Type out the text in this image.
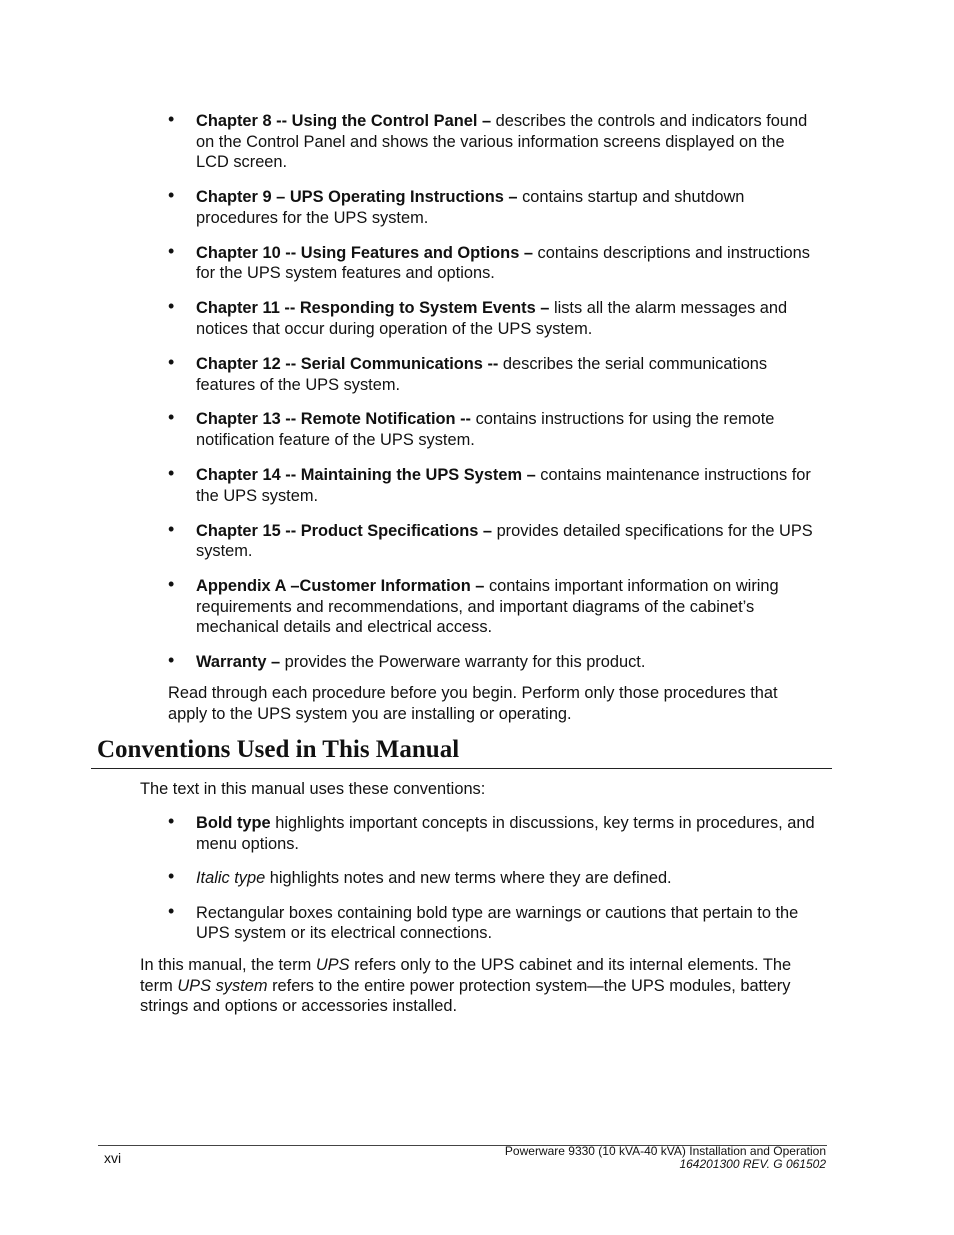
• Chapter 8 -- Using the Control Panel – describes the controls and indicators found on the Control Panel and shows the various information screens displayed on the LCD screen.
• Chapter 9 – UPS Operating Instructions – contains startup and shutdown procedures for the UPS system.
• Chapter 10 -- Using Features and Options – contains descriptions and instructions for the UPS system features and options.
• Chapter 11 -- Responding to System Events – lists all the alarm messages and notices that occur during operation of the UPS system.
• Chapter 12 -- Serial Communications -- describes the serial communications features of the UPS system.
• Chapter 13 -- Remote Notification -- contains instructions for using the remote notification feature of the UPS system.
• Chapter 14 -- Maintaining the UPS System – contains maintenance instructions for the UPS system.
• Chapter 15 -- Product Specifications – provides detailed specifications for the UPS system.
• Appendix A –Customer Information – contains important information on wiring requirements and recommendations, and important diagrams of the cabinet’s mechanical details and electrical access.
• Warranty – provides the Powerware warranty for this product.

Read through each procedure before you begin. Perform only those procedures that apply to the UPS system you are installing or operating.

Conventions Used in This Manual

The text in this manual uses these conventions:

• Bold type highlights important concepts in discussions, key terms in procedures, and menu options.
• Italic type highlights notes and new terms where they are defined.
• Rectangular boxes containing bold type are warnings or cautions that pertain to the UPS system or its electrical connections.

In this manual, the term UPS refers only to the UPS cabinet and its internal elements. The term UPS system refers to the entire power protection system—the UPS modules, battery strings and options or accessories installed.

xvi	Powerware 9330 (10 kVA-40 kVA) Installation and Operation
164201300 REV. G 061502
